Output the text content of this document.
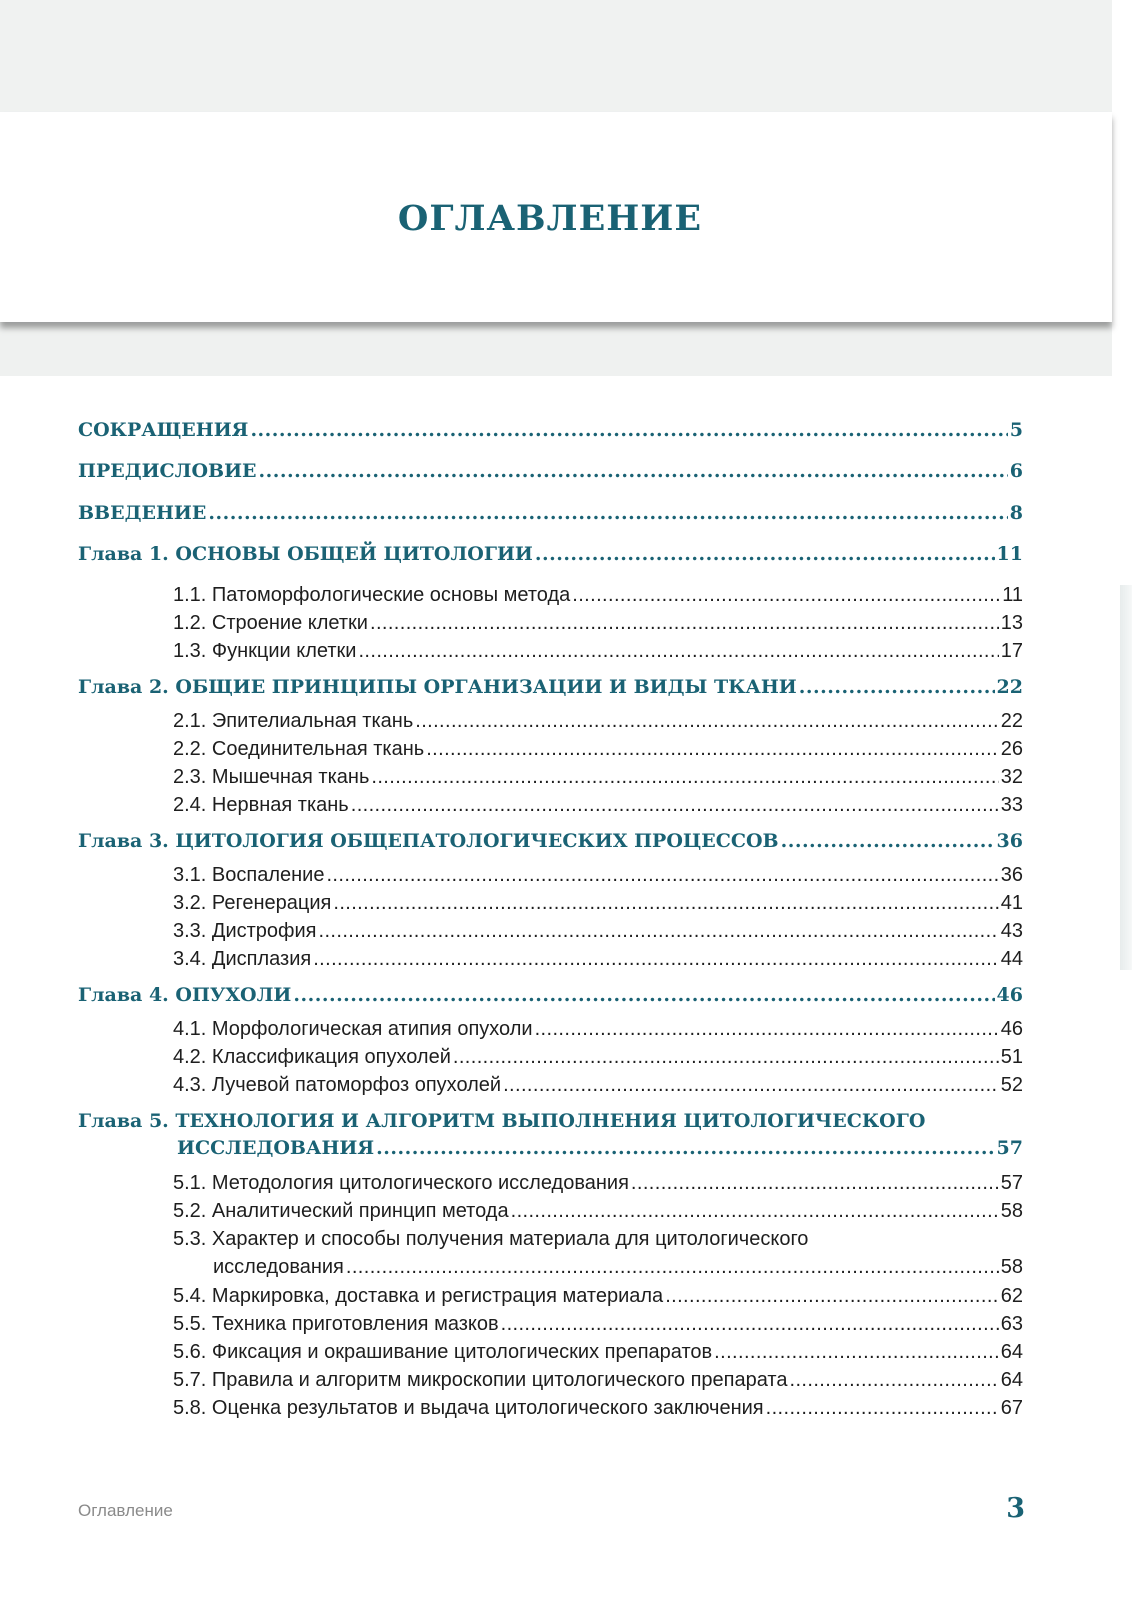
ОГЛАВЛЕНИЕ
СОКРАЩЕНИЯ .....	5
ПРЕДИСЛОВИЕ .....	6
ВВЕДЕНИЕ .....	8
Глава 1. ОСНОВЫ ОБЩЕЙ ЦИТОЛОГИИ .....	11
1.1. Патоморфологические основы метода .....	11
1.2. Строение клетки .....	13
1.3. Функции клетки .....	17
Глава 2. ОБЩИЕ ПРИНЦИПЫ ОРГАНИЗАЦИИ И ВИДЫ ТКАНИ .....	22
2.1. Эпителиальная ткань .....	22
2.2. Соединительная ткань .....	26
2.3. Мышечная ткань .....	32
2.4. Нервная ткань .....	33
Глава 3. ЦИТОЛОГИЯ ОБЩЕПАТОЛОГИЧЕСКИХ ПРОЦЕССОВ .....	36
3.1. Воспаление .....	36
3.2. Регенерация .....	41
3.3. Дистрофия .....	43
3.4. Дисплазия .....	44
Глава 4. ОПУХОЛИ .....	46
4.1. Морфологическая атипия опухоли .....	46
4.2. Классификация опухолей .....	51
4.3. Лучевой патоморфоз опухолей .....	52
Глава 5. ТЕХНОЛОГИЯ И АЛГОРИТМ ВЫПОЛНЕНИЯ ЦИТОЛОГИЧЕСКОГО
ИССЛЕДОВАНИЯ .....	57
5.1. Методология цитологического исследования .....	57
5.2. Аналитический принцип метода .....	58
5.3. Характер и способы получения материала для цитологического
исследования .....	58
5.4. Маркировка, доставка и регистрация материала .....	62
5.5. Техника приготовления мазков .....	63
5.6. Фиксация и окрашивание цитологических препаратов .....	64
5.7. Правила и алгоритм микроскопии цитологического препарата .....	64
5.8. Оценка результатов и выдача цитологического заключения .....	67
Оглавление	3
